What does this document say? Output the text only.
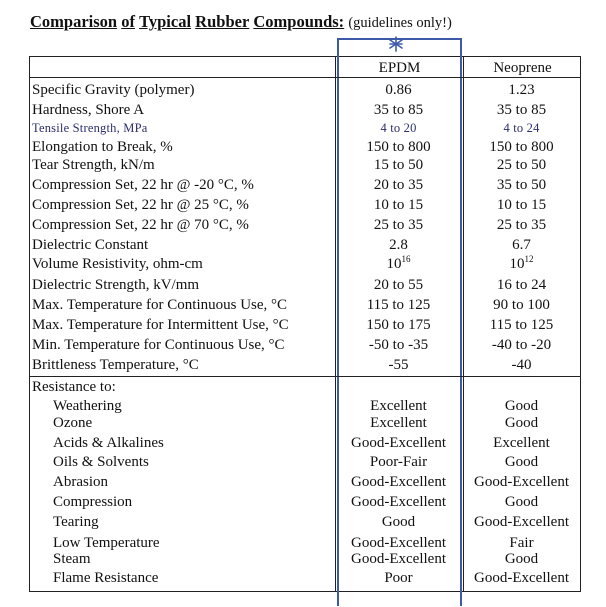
Comparison of Typical Rubber Compounds: (guidelines only!)
EPDM	Neoprene
Specific Gravity (polymer)	0.86	1.23
Hardness, Shore A	35 to 85	35 to 85
Tensile Strength, MPa	4 to 20	4 to 24
Elongation to Break, %	150 to 800	150 to 800
Tear Strength, kN/m	15 to 50	25 to 50
Compression Set, 22 hr @ -20 °C, %	20 to 35	35 to 50
Compression Set, 22 hr @ 25 °C, %	10 to 15	10 to 15
Compression Set, 22 hr @ 70 °C, %	25 to 35	25 to 35
Dielectric Constant	2.8	6.7
Volume Resistivity, ohm-cm	$10^{16}$	$10^{12}$
Dielectric Strength, kV/mm	20 to 55	16 to 24
Max. Temperature for Continuous Use, °C	115 to 125	90 to 100
Max. Temperature for Intermittent Use, °C	150 to 175	115 to 125
Min. Temperature for Continuous Use, °C	-50 to -35	-40 to -20
Brittleness Temperature, °C	-55	-40
Resistance to:
Weathering	Excellent	Good
Ozone	Excellent	Good
Acids & Alkalines	Good-Excellent	Excellent
Oils & Solvents	Poor-Fair	Good
Abrasion	Good-Excellent	Good-Excellent
Compression	Good-Excellent	Good
Tearing	Good	Good-Excellent
Low Temperature	Good-Excellent	Fair
Steam	Good-Excellent	Good
Flame Resistance	Poor	Good-Excellent
